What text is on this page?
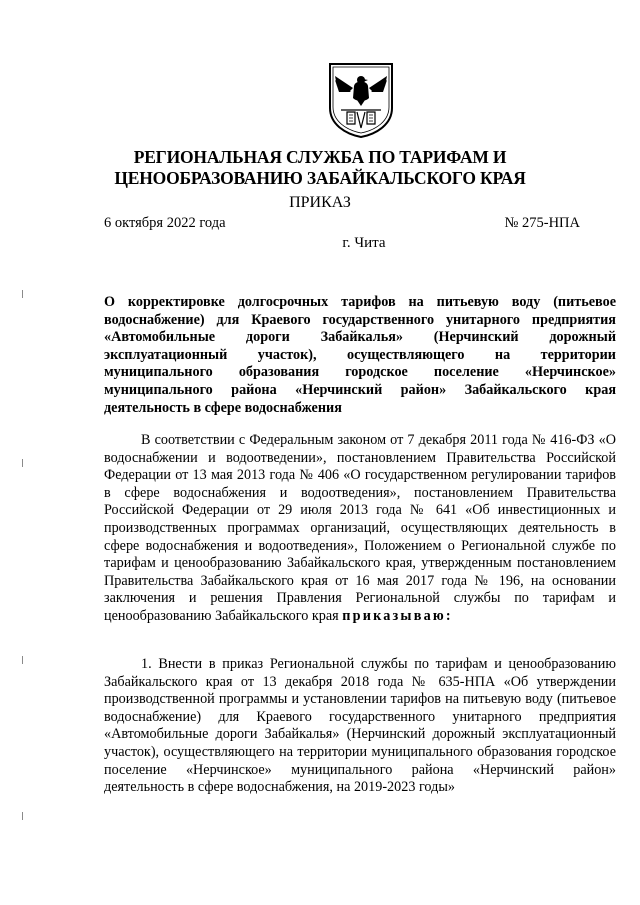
РЕГИОНАЛЬНАЯ СЛУЖБА ПО ТАРИФАМ И
ЦЕНООБРАЗОВАНИЮ ЗАБАЙКАЛЬСКОГО КРАЯ
ПРИКАЗ
6 октября 2022 года	№ 275-НПА
г. Чита
О корректировке долгосрочных тарифов на питьевую воду (питьевое водоснабжение) для Краевого государственного унитарного предприятия «Автомобильные дороги Забайкалья» (Нерчинский дорожный эксплуатационный участок), осуществляющего на территории муниципального образования городское поселение «Нерчинское» муниципального района «Нерчинский район» Забайкальского края деятельность в сфере водоснабжения
В соответствии с Федеральным законом от 7 декабря 2011 года № 416-ФЗ «О водоснабжении и водоотведении», постановлением Правительства Российской Федерации от 13 мая 2013 года № 406 «О государственном регулировании тарифов в сфере водоснабжения и водоотведения», постановлением Правительства Российской Федерации от 29 июля 2013 года № 641 «Об инвестиционных и производственных программах организаций, осуществляющих деятельность в сфере водоснабжения и водоотведения», Положением о Региональной службе по тарифам и ценообразованию Забайкальского края, утвержденным постановлением Правительства Забайкальского края от 16 мая 2017 года № 196, на основании заключения и решения Правления Региональной службы по тарифам и ценообразованию Забайкальского края приказываю:
1. Внести в приказ Региональной службы по тарифам и ценообразованию Забайкальского края от 13 декабря 2018 года № 635-НПА «Об утверждении производственной программы и установлении тарифов на питьевую воду (питьевое водоснабжение) для Краевого государственного унитарного предприятия «Автомобильные дороги Забайкалья» (Нерчинский дорожный эксплуатационный участок), осуществляющего на территории муниципального образования городское поселение «Нерчинское» муниципального района «Нерчинский район» деятельность в сфере водоснабжения, на 2019-2023 годы»
